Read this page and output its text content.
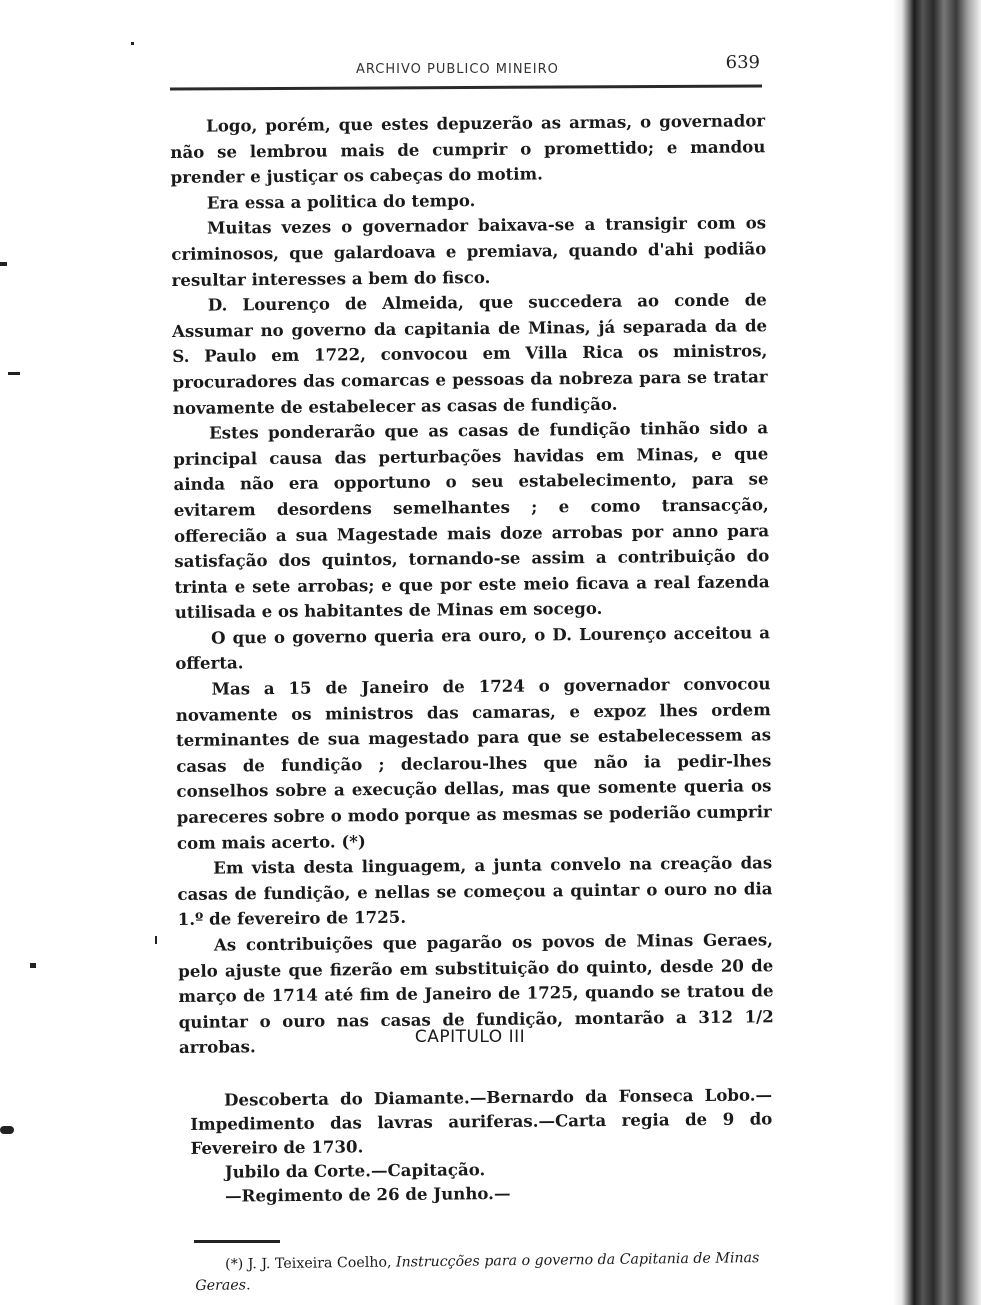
ARCHIVO PUBLICO MINEIRO	639

Logo, porém, que estes depuzerão as armas, o governador não se lembrou mais de cumprir o promettido; e mandou prender e justiçar os cabeças do motim.

Era essa a politica do tempo.

Muitas vezes o governador baixava-se a transigir com os criminosos, que galardoava e premiava, quando d'ahi podião resultar interesses a bem do fisco.

D. Lourenço de Almeida, que succedera ao conde de Assumar no governo da capitania de Minas, já separada da de S. Paulo em 1722, convocou em Villa Rica os ministros, procuradores das comarcas e pessoas da nobreza para se tratar novamente de estabelecer as casas de fundição.

Estes ponderarão que as casas de fundição tinhão sido a principal causa das perturbações havidas em Minas, e que ainda não era opportuno o seu estabelecimento, para se evitarem desordens semelhantes ; e como transacção, offerecião a sua Magestade mais doze arrobas por anno para satisfação dos quintos, tornando-se assim a contribuição do trinta e sete arrobas; e que por este meio ficava a real fazenda utilisada e os habitantes de Minas em socego.

O que o governo queria era ouro, o D. Lourenço acceitou a offerta.

Mas a 15 de Janeiro de 1724 o governador convocou novamente os ministros das camaras, e expoz lhes ordem terminantes de sua magestado para que se estabelecessem as casas de fundição ; declarou-lhes que não ia pedir-lhes conselhos sobre a execução dellas, mas que somente queria os pareceres sobre o modo porque as mesmas se poderião cumprir com mais acerto. (*)

Em vista desta linguagem, a junta convelo na creação das casas de fundição, e nellas se começou a quintar o ouro no dia 1.º de fevereiro de 1725.

As contribuições que pagarão os povos de Minas Geraes, pelo ajuste que fizerão em substituição do quinto, desde 20 de março de 1714 até fim de Janeiro de 1725, quando se tratou de quintar o ouro nas casas de fundição, montarão a 312 1/2 arrobas.	CAPITULO III

Descoberta do Diamante.—Bernardo da Fonseca Lobo.—Impedimento das lavras auriferas.—Carta regia de 9 do Fevereiro de 1730.

Jubilo da Corte.—Capitação.

—Regimento de 26 de Junho.—

(*) J. J. Teixeira Coelho, Instrucções para o governo da Capitania de Minas Geraes.
